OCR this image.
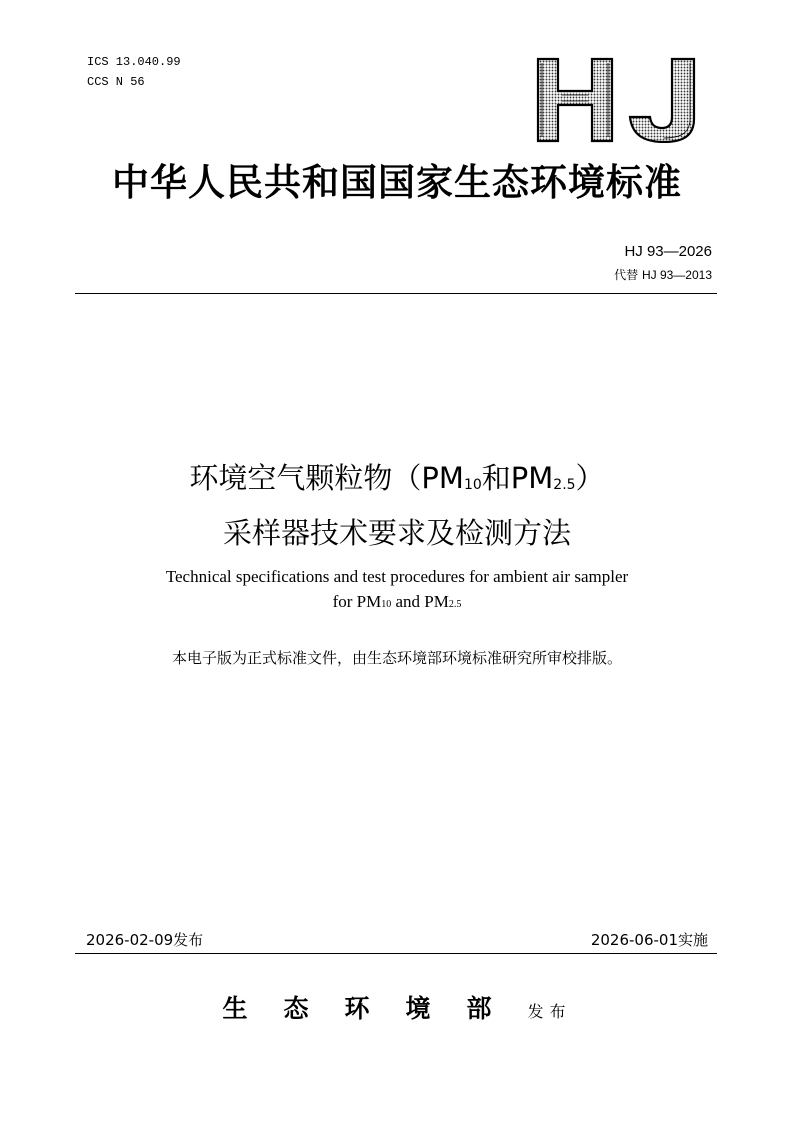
ICS 13.040.99
CCS N 56
中华人民共和国国家生态环境标准
HJ 93—2026
代替 HJ 93—2013
环境空气颗粒物（$PM_{10}$和$PM_{2.5}$）
采样器技术要求及检测方法
Technical specifications and test procedures for ambient air sampler
for PM10 and PM2.5
本电子版为正式标准文件，由生态环境部环境标准研究所审校排版。
2026-02-09发布	2026-06-01实施
生态环境部发布
